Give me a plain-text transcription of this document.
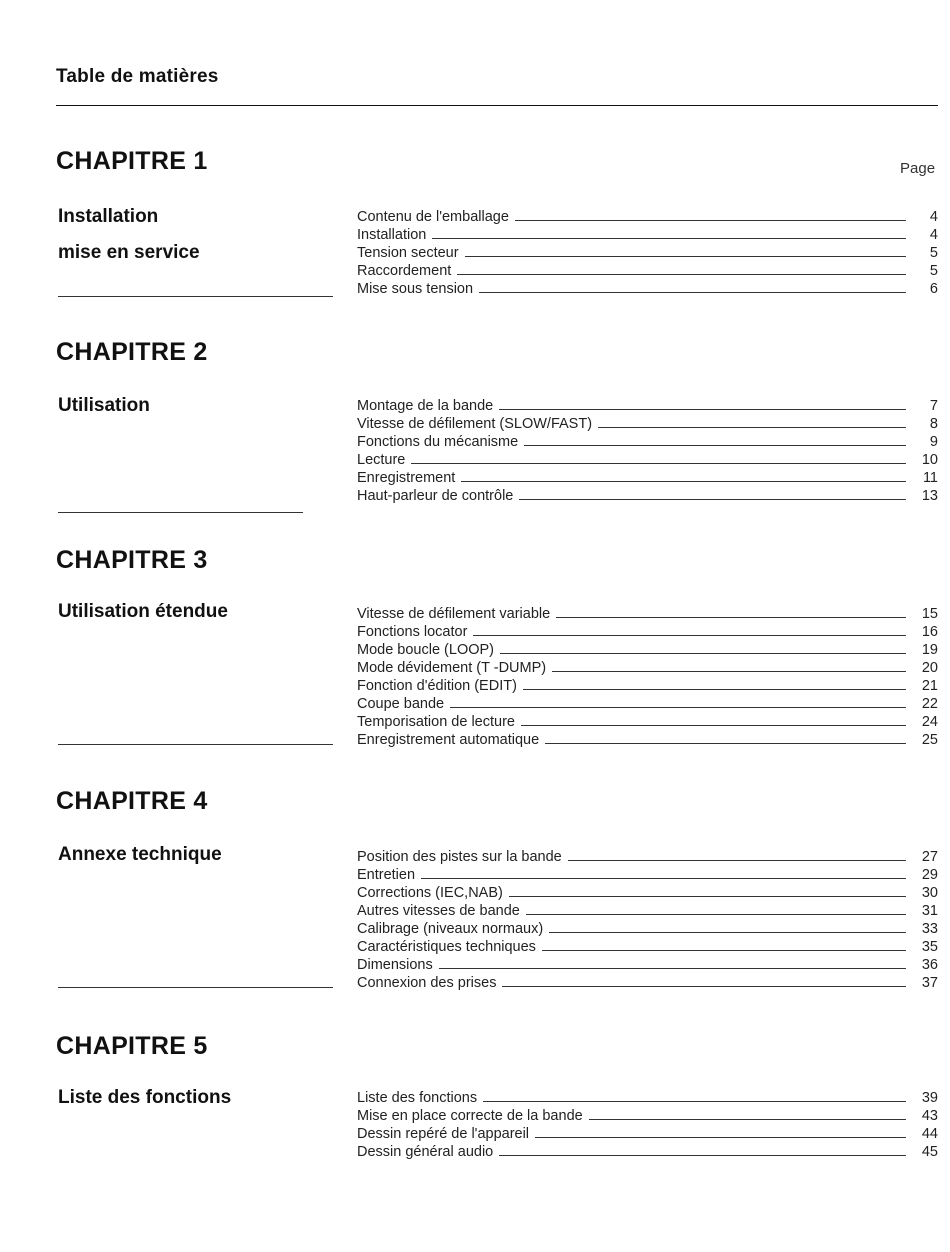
Table de matières
Page
CHAPITRE 1
Installation
mise en service
Contenu de l'emballage	4
Installation	4
Tension secteur	5
Raccordement	5
Mise sous tension	6
CHAPITRE 2
Utilisation	Montage de la bande	7
Vitesse de défilement (SLOW/FAST)	8
Fonctions du mécanisme	9
Lecture	10
Enregistrement	11
Haut-parleur de contrôle	13
CHAPITRE 3
Utilisation étendue	Vitesse de défilement variable	15
Fonctions locator	16
Mode boucle (LOOP)	19
Mode dévidement (T -DUMP)	20
Fonction d'édition (EDIT)	21
Coupe bande	22
Temporisation de lecture	24
Enregistrement automatique	25
CHAPITRE 4
Annexe technique	Position des pistes sur la bande	27
Entretien	29
Corrections (IEC,NAB)	30
Autres vitesses de bande	31
Calibrage (niveaux normaux)	33
Caractéristiques techniques	35
Dimensions	36
Connexion des prises	37
CHAPITRE 5
Liste des fonctions	Liste des fonctions	39
Mise en place correcte de la bande	43
Dessin repéré de l'appareil	44
Dessin général audio	45
